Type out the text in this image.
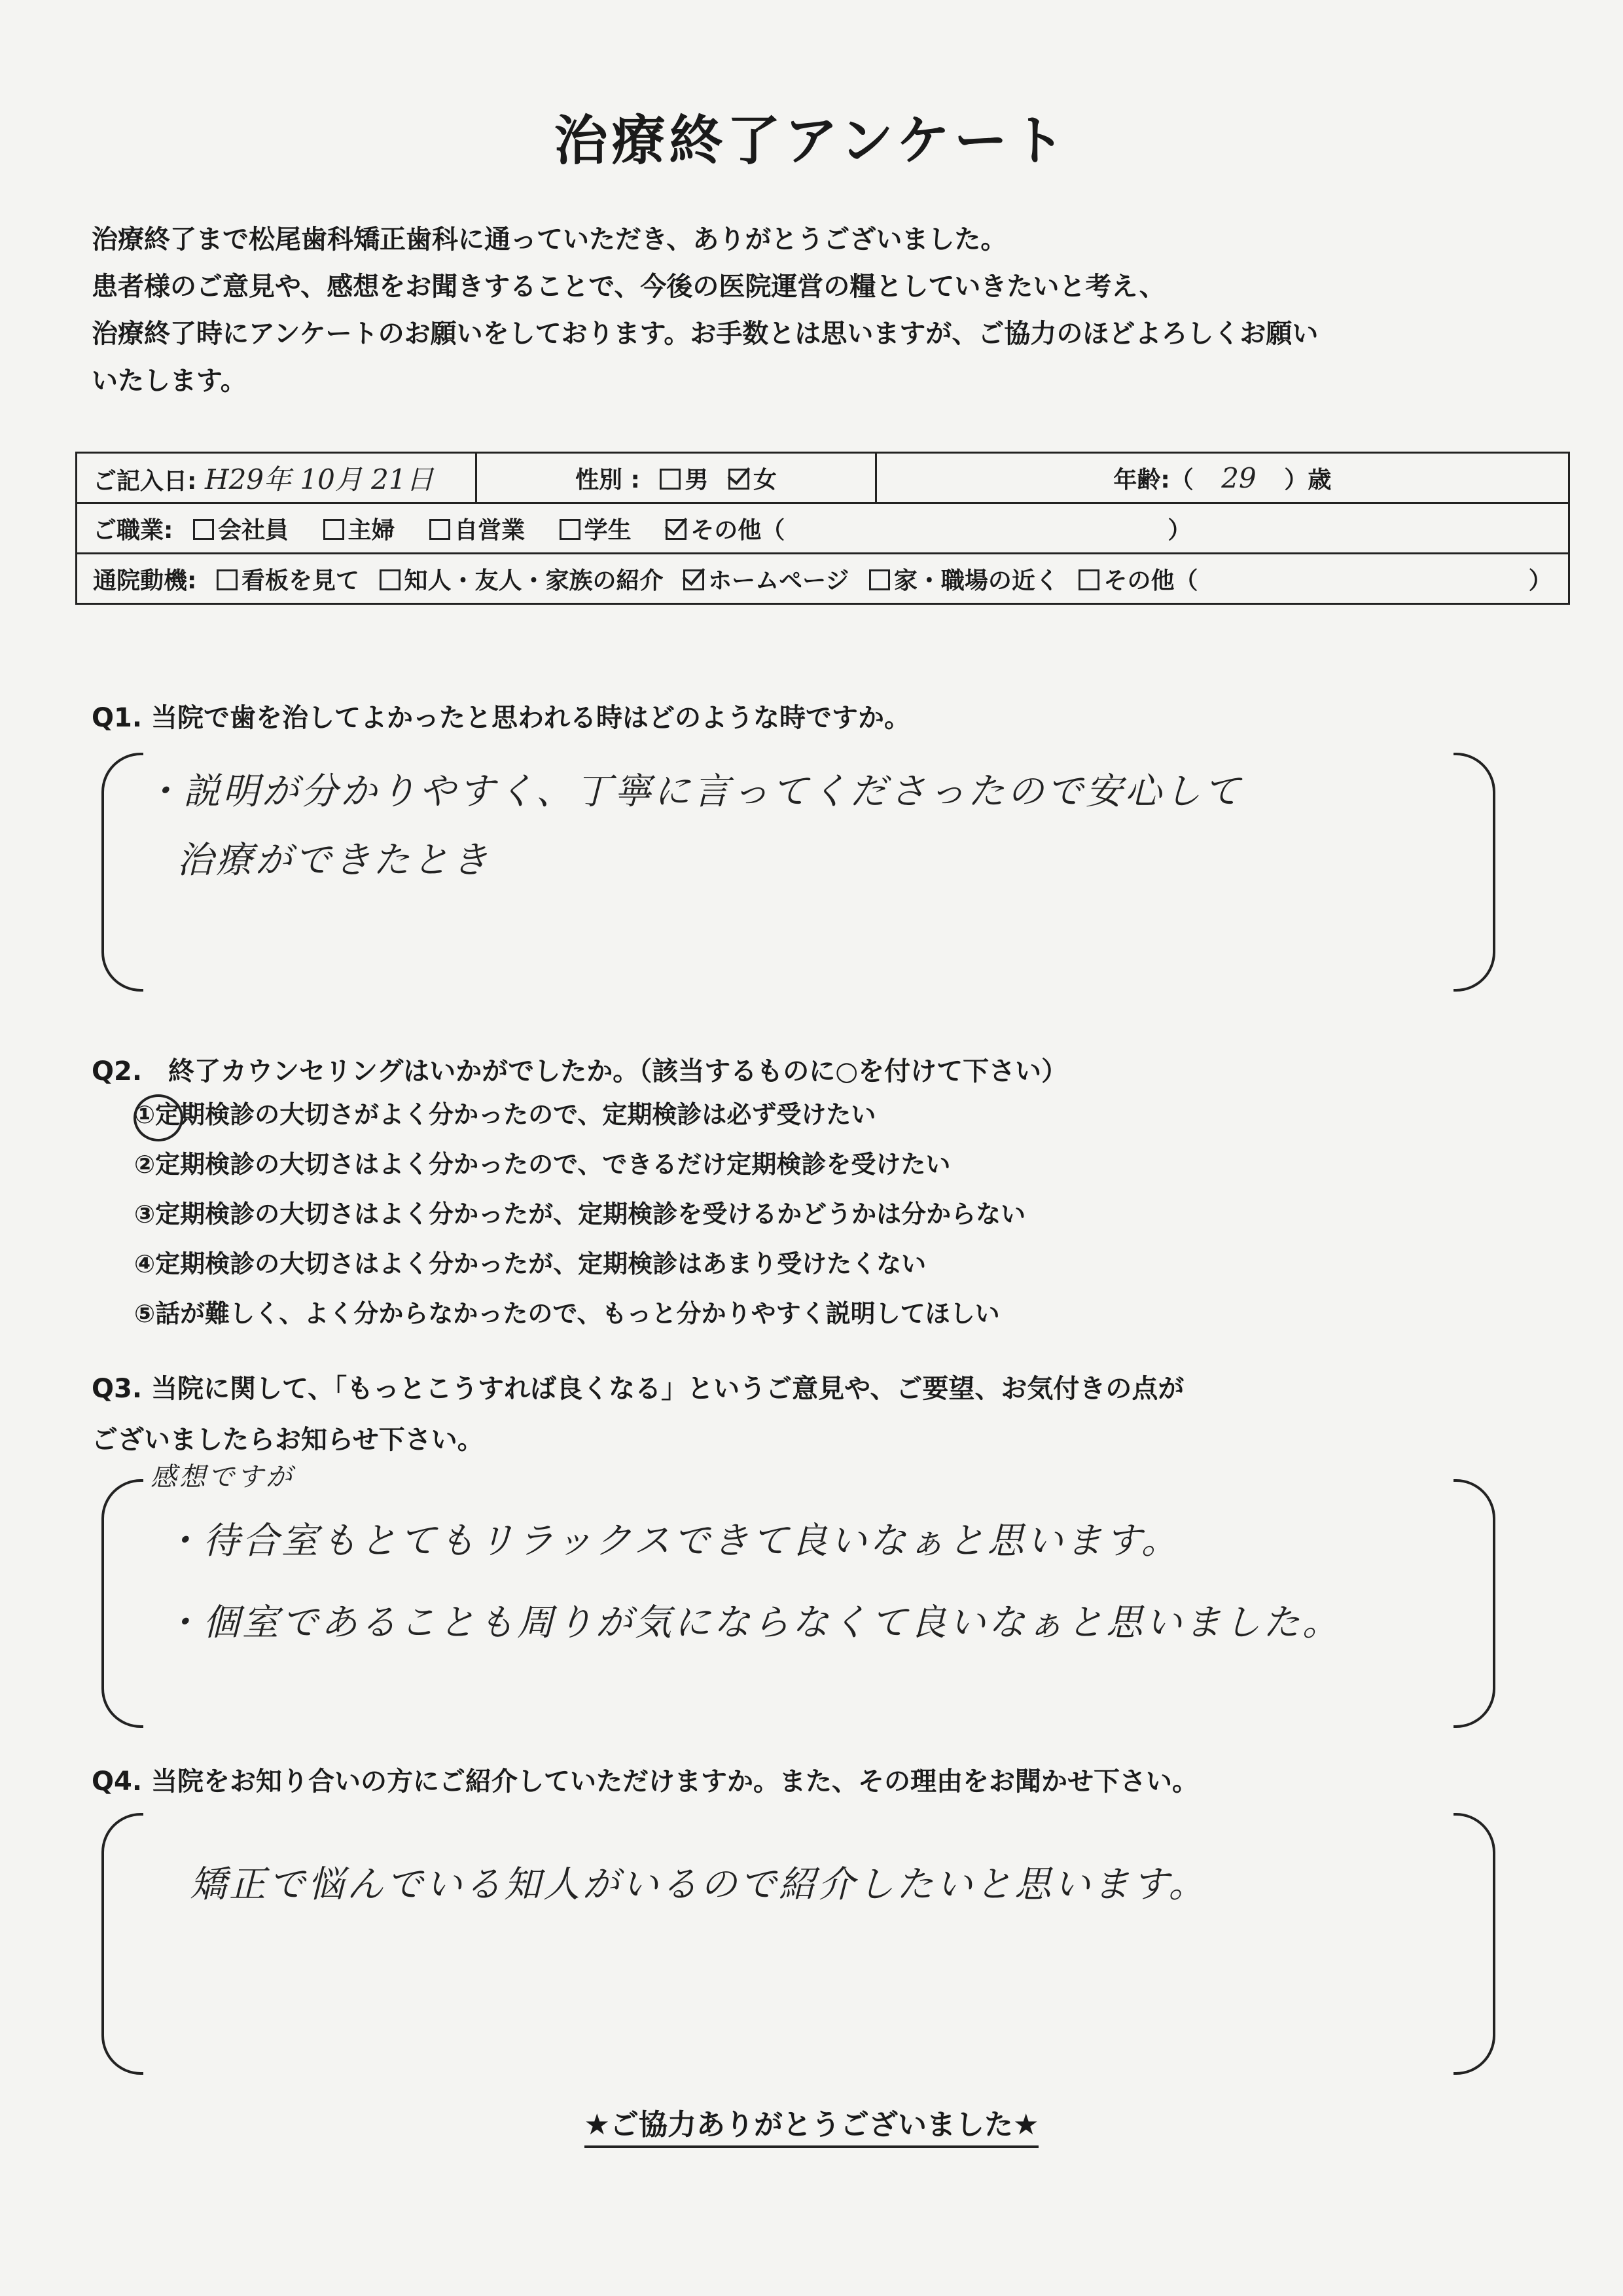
治療終了アンケート
治療終了まで松尾歯科矯正歯科に通っていただき、ありがとうございました。
患者様のご意見や、感想をお聞きすることで、今後の医院運営の糧としていきたいと考え、
治療終了時にアンケートのお願いをしております。お手数とは思いますが、ご協力のほどよろしくお願い
いたします。
ご記入日: H29年 10月 21日	性別 : 男 女	年齢:（ 29 ）歳
ご職業: 会社員	主婦	自営業	学生	その他（	）
通院動機: 看板を見て 知人・友人・家族の紹介 ホームページ 家・職場の近く その他（	）
Q1. 当院で歯を治してよかったと思われる時はどのような時ですか。
・説明が分かりやすく、丁寧に言ってくださったので安心して
治療ができたとき
Q2.　終了カウンセリングはいかがでしたか。（該当するものに○を付けて下さい）
①定期検診の大切さがよく分かったので、定期検診は必ず受けたい
②定期検診の大切さはよく分かったので、できるだけ定期検診を受けたい
③定期検診の大切さはよく分かったが、定期検診を受けるかどうかは分からない
④定期検診の大切さはよく分かったが、定期検診はあまり受けたくない
⑤話が難しく、よく分からなかったので、もっと分かりやすく説明してほしい
Q3. 当院に関して、「もっとこうすれば良くなる」というご意見や、ご要望、お気付きの点が
ございましたらお知らせ下さい。
感想ですが
・待合室もとてもリラックスできて良いなぁと思います。
・個室であることも周りが気にならなくて良いなぁと思いました。
Q4. 当院をお知り合いの方にご紹介していただけますか。また、その理由をお聞かせ下さい。
矯正で悩んでいる知人がいるので紹介したいと思います。
★ご協力ありがとうございました★
